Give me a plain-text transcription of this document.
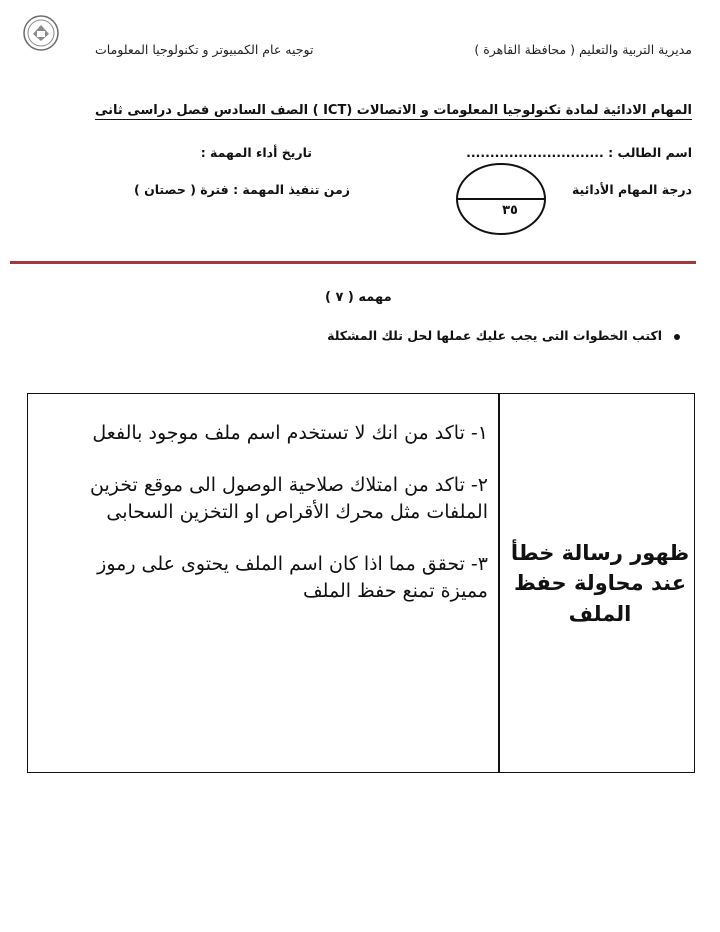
مديرية التربية والتعليم ( محافظة القاهرة )
توجيه عام الكمبيوتر و تكنولوجيا المعلومات
المهام الادائية لمادة تكنولوجيا المعلومات و الاتصالات (ICT ) الصف السادس فصل دراسى ثانى
اسم الطالب : .............................
تاريخ أداء المهمة :
درجة المهام الأدائية
زمن تنفيذ المهمة : فترة ( حصتان )
٣٥
مهمه ( ٧ )
اكتب الخطوات التى يجب عليك عملها لحل تلك المشكلة
ظهور رسالة خطأ عند محاولة حفظ الملف
١- تاكد من انك لا تستخدم اسم ملف موجود بالفعل
٢- تاكد من امتلاك صلاحية الوصول الى موقع تخزين الملفات مثل محرك الأقراص او التخزين السحابى
٣- تحقق مما اذا كان اسم الملف يحتوى على رموز مميزة تمنع حفظ الملف
